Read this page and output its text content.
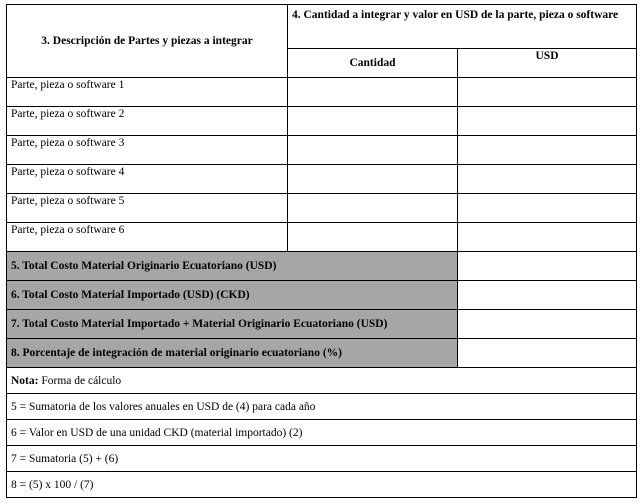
3. Descripción de Partes y piezas a integrar	4. Cantidad a integrar y valor en USD de la parte, pieza o software	
	Cantidad	USD
Parte, pieza o software 1		
Parte, pieza o software 2		
Parte, pieza o software 3		
Parte, pieza o software 4		
Parte, pieza o software 5		
Parte, pieza o software 6		
5. Total Costo Material Originario Ecuatoriano (USD)		
6. Total Costo Material Importado (USD) (CKD)		
7. Total Costo Material Importado + Material Originario Ecuatoriano (USD)		
8. Porcentaje de integración de material originario ecuatoriano (%)		
Nota: Forma de cálculo		
5 = Sumatoria de los valores anuales en USD de (4) para cada año		
6 = Valor en USD de una unidad CKD (material importado) (2)		
7 = Sumatoria (5) + (6)		
8 = (5) x 100 / (7)		
